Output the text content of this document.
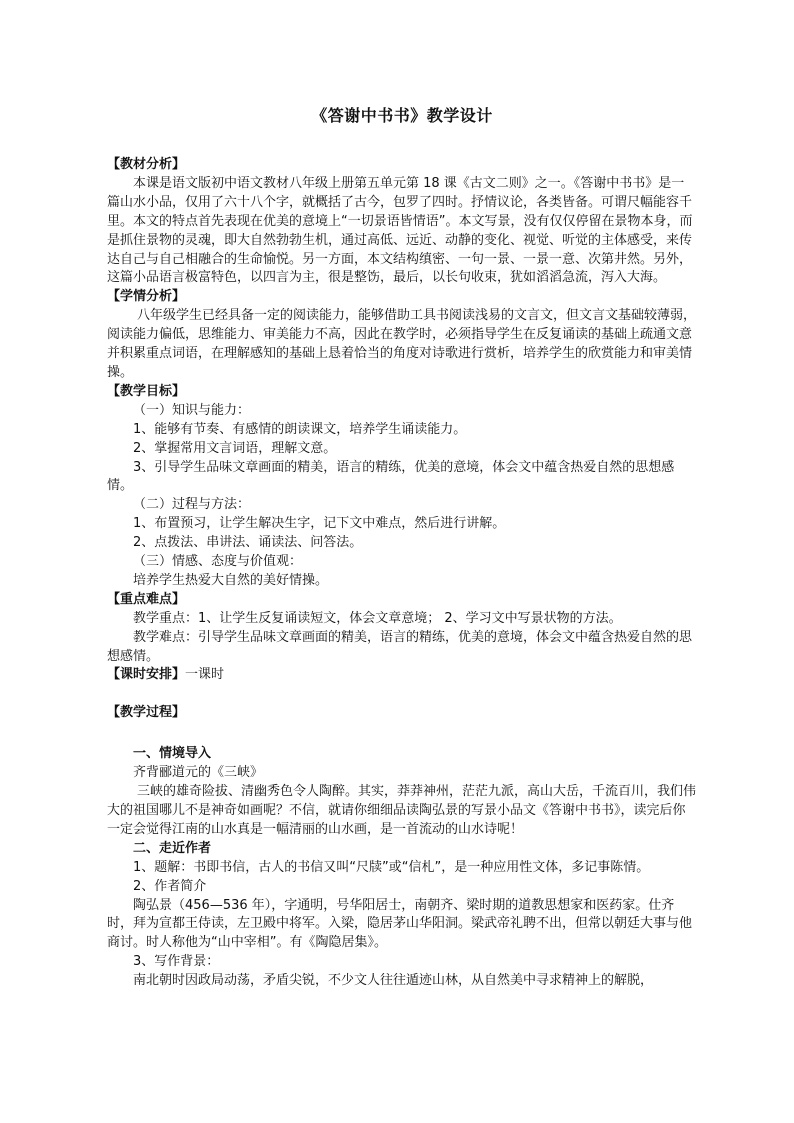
《答谢中书书》教学设计

【教材分析】

本课是语文版初中语文教材八年级上册第五单元第 18 课《古文二则》之一。《答谢中书书》是一篇山水小品，仅用了六十八个字，就概括了古今，包罗了四时。抒情议论，各类皆备。可谓尺幅能容千里。本文的特点首先表现在优美的意境上“一切景语皆情语”。本文写景，没有仅仅停留在景物本身，而是抓住景物的灵魂，即大自然勃勃生机，通过高低、远近、动静的变化、视觉、听觉的主体感受，来传达自己与自己相融合的生命愉悦。另一方面，本文结构缜密、一句一景、一景一意、次第井然。另外，这篇小品语言极富特色，以四言为主，很是整饬，最后，以长句收束，犹如滔滔急流，泻入大海。

【学情分析】

八年级学生已经具备一定的阅读能力，能够借助工具书阅读浅易的文言文，但文言文基础较薄弱，阅读能力偏低，思维能力、审美能力不高，因此在教学时，必须指导学生在反复诵读的基础上疏通文意并积累重点词语，在理解感知的基础上恳着恰当的角度对诗歌进行赏析，培养学生的欣赏能力和审美情操。

【教学目标】

（一）知识与能力：

1、能够有节奏、有感情的朗读课文，培养学生诵读能力。

2、掌握常用文言词语，理解文意。

3、引导学生品味文章画面的精美，语言的精练，优美的意境，体会文中蕴含热爱自然的思想感情。

（二）过程与方法：

1、布置预习，让学生解决生字，记下文中难点，然后进行讲解。

2、点拨法、串讲法、诵读法、问答法。

（三）情感、态度与价值观：

培养学生热爱大自然的美好情操。

【重点难点】

教学重点：1、让学生反复诵读短文，体会文章意境； 2、学习文中写景状物的方法。

教学难点：引导学生品味文章画面的精美，语言的精练，优美的意境，体会文中蕴含热爱自然的思想感情。

【课时安排】一课时

【教学过程】

一、情境导入

齐背郦道元的《三峡》

三峡的雄奇险拔、清幽秀色令人陶醉。其实，莽莽神州，茫茫九派，高山大岳，千流百川，我们伟大的祖国哪儿不是神奇如画呢？不信，就请你细细品读陶弘景的写景小品文《答谢中书书》，读完后你一定会觉得江南的山水真是一幅清丽的山水画，是一首流动的山水诗呢！

二、走近作者

1、题解：书即书信，古人的书信又叫“尺牍”或“信札”，是一种应用性文体，多记事陈情。

2、作者简介

陶弘景（456—536 年），字通明，号华阳居士，南朝齐、梁时期的道教思想家和医药家。仕齐时，拜为宣都王侍读，左卫殿中将军。入梁，隐居茅山华阳洞。梁武帝礼聘不出，但常以朝廷大事与他商讨。时人称他为“山中宰相”。有《陶隐居集》。

3、写作背景：

南北朝时因政局动荡，矛盾尖锐，不少文人往往遁迹山林，从自然美中寻求精神上的解脱，
